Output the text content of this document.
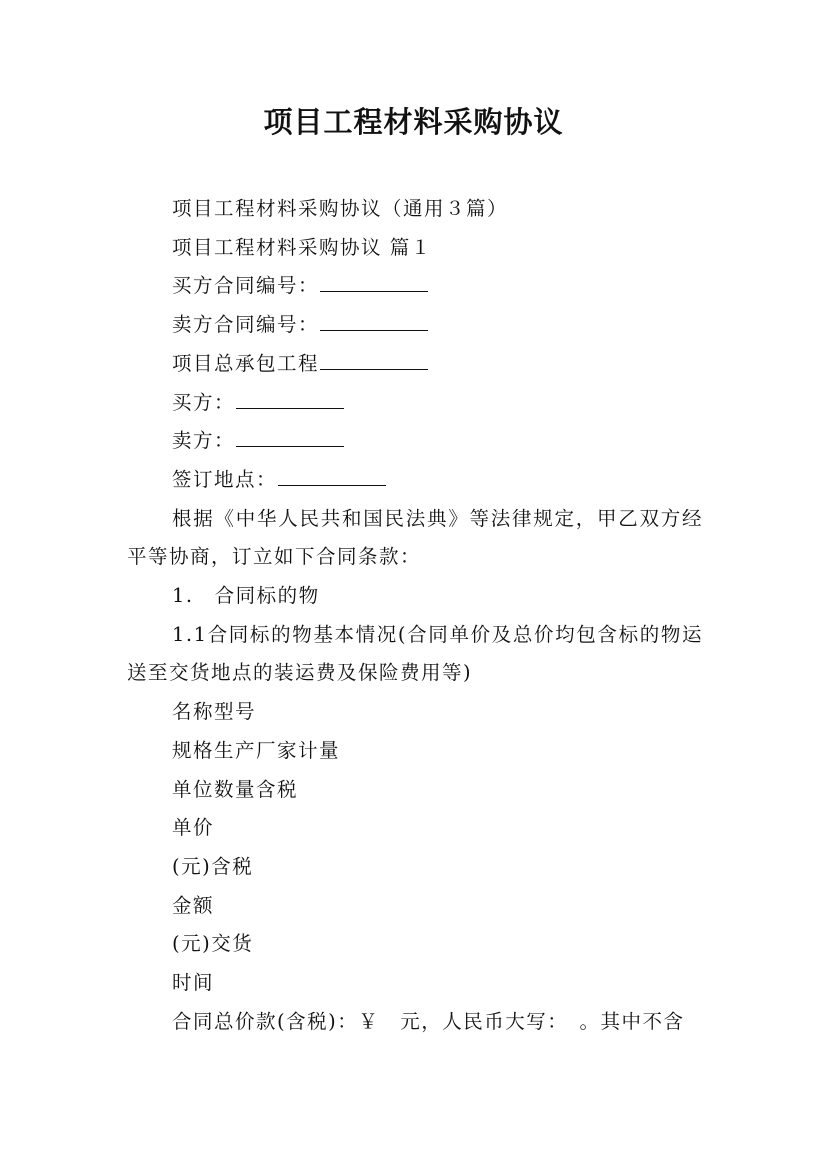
项目工程材料采购协议

项目工程材料采购协议（通用３篇）

项目工程材料采购协议 篇１

买方合同编号：

卖方合同编号：

项目总承包工程

买方：

卖方：

签订地点：

根据《中华人民共和国民法典》等法律规定，甲乙双方经平等协商，订立如下合同条款：

1.　合同标的物

1.1合同标的物基本情况(合同单价及总价均包含标的物运送至交货地点的装运费及保险费用等)

名称型号

规格生产厂家计量

单位数量含税

单价

(元)含税

金额

(元)交货

时间

合同总价款(含税)：￥　元，人民币大写：　。其中不含
